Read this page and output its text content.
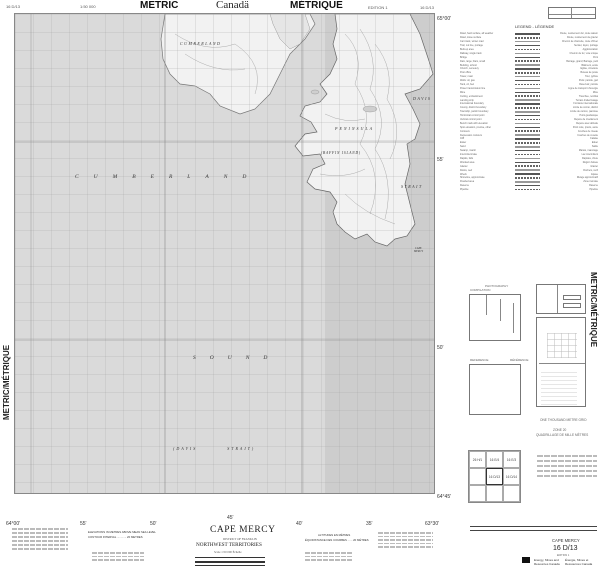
16 D/13	1:50 000	METRIC	Canadä	MÉTRIQUE	EDITION 1	16 D/13
METRIC/MÉTRIQUE
METRIC/MÉTRIQUE
CUMBERLAND
PENINSULA
(BAFFIN ISLAND)
DAVIS
STRAIT
CAPE
MERCY
CUMBERLAND
SOUND
(DAVIS          STRAIT)
65°00'
55'
50'
64°45'
64°00'	55'	50'
45'
40'	35'	63°30'
LEGEND - LÉGENDE
Road, hard surface, all weather	Route, revêtement dur, toute saison
Road, loose surface	Route, revêtement de gravier
Cart track, winter road	Chemin de charrette, route d'hiver
Trail, cut line, portage	Sentier, layon, portage
Built-up area	Agglomération
Railway, single track	Chemin de fer, voie unique
Bridge	Pont
Dam, large; Dam, small	Barrage, grand; Barrage, petit
Building, school	Bâtiment, école
Church, cemetery	Église, cimetière
Post office	Bureau de poste
Tower, mast	Tour, pylône
Wells: oil, gas	Puits: pétrole, gaz
Tank, oil, fuel	Réservoir, pétrole
Power transmission line	Ligne de transport d'énergie
Mine	Mine
Cutting, embankment	Tranchée, remblai
Landing strip	Terrain d'atterrissage
International boundary	Frontière internationale
County, district boundary	Limite de comté, district
Township, parish boundary	Limite de canton, paroisse
Horizontal control point	Point géodésique
Vertical control point	Repère de nivellement
Bench mark with elevation	Repère avec altitude
Spot elevation, precise, other	Point coté, précis, autre
Contours	Courbes de niveau
Depression contours	Courbes de cuvette
Cliff	Falaise
Esker	Esker
Sand	Sable
Swamp, marsh	Marais, marécage
Intermittent lake	Lac intermittent
Rapids, falls	Rapides, chute
Wooded area	Région boisée
Glacier	Glacier
Rocks, reef	Rochers, récif
Wreck	Épave
Shoreline, approximate	Rivage approximatif
Flooded area	Zone inondée
Reserve	Réserve
Pipeline	Pipeline
PHOTOGRAPHY
COMPILATION
REFERENCE	RÉFÉRENCE
ONE THOUSAND METRE GRID
ZONE 20
QUADRILLAGE DE MILLE MÈTRES
26 H/1	16 E/4	16 E/3
16 D/13	16 D/14
ELEVATIONS IN METRES ABOVE MEAN SEA LEVEL
CONTOUR INTERVAL ............ 20 METRES
CAPE MERCY
DISTRICT OF FRANKLIN
NORTHWEST TERRITORIES
Scale 1:50 000 Échelle
ALTITUDES EN MÈTRES
ÉQUIDISTANCE DES COURBES ...... 20 MÈTRES	CAPE MERCY
16 D/13
EDITION 1
Energy, Mines and
Resources Canada
Énergie, Mines et
Ressources Canada
